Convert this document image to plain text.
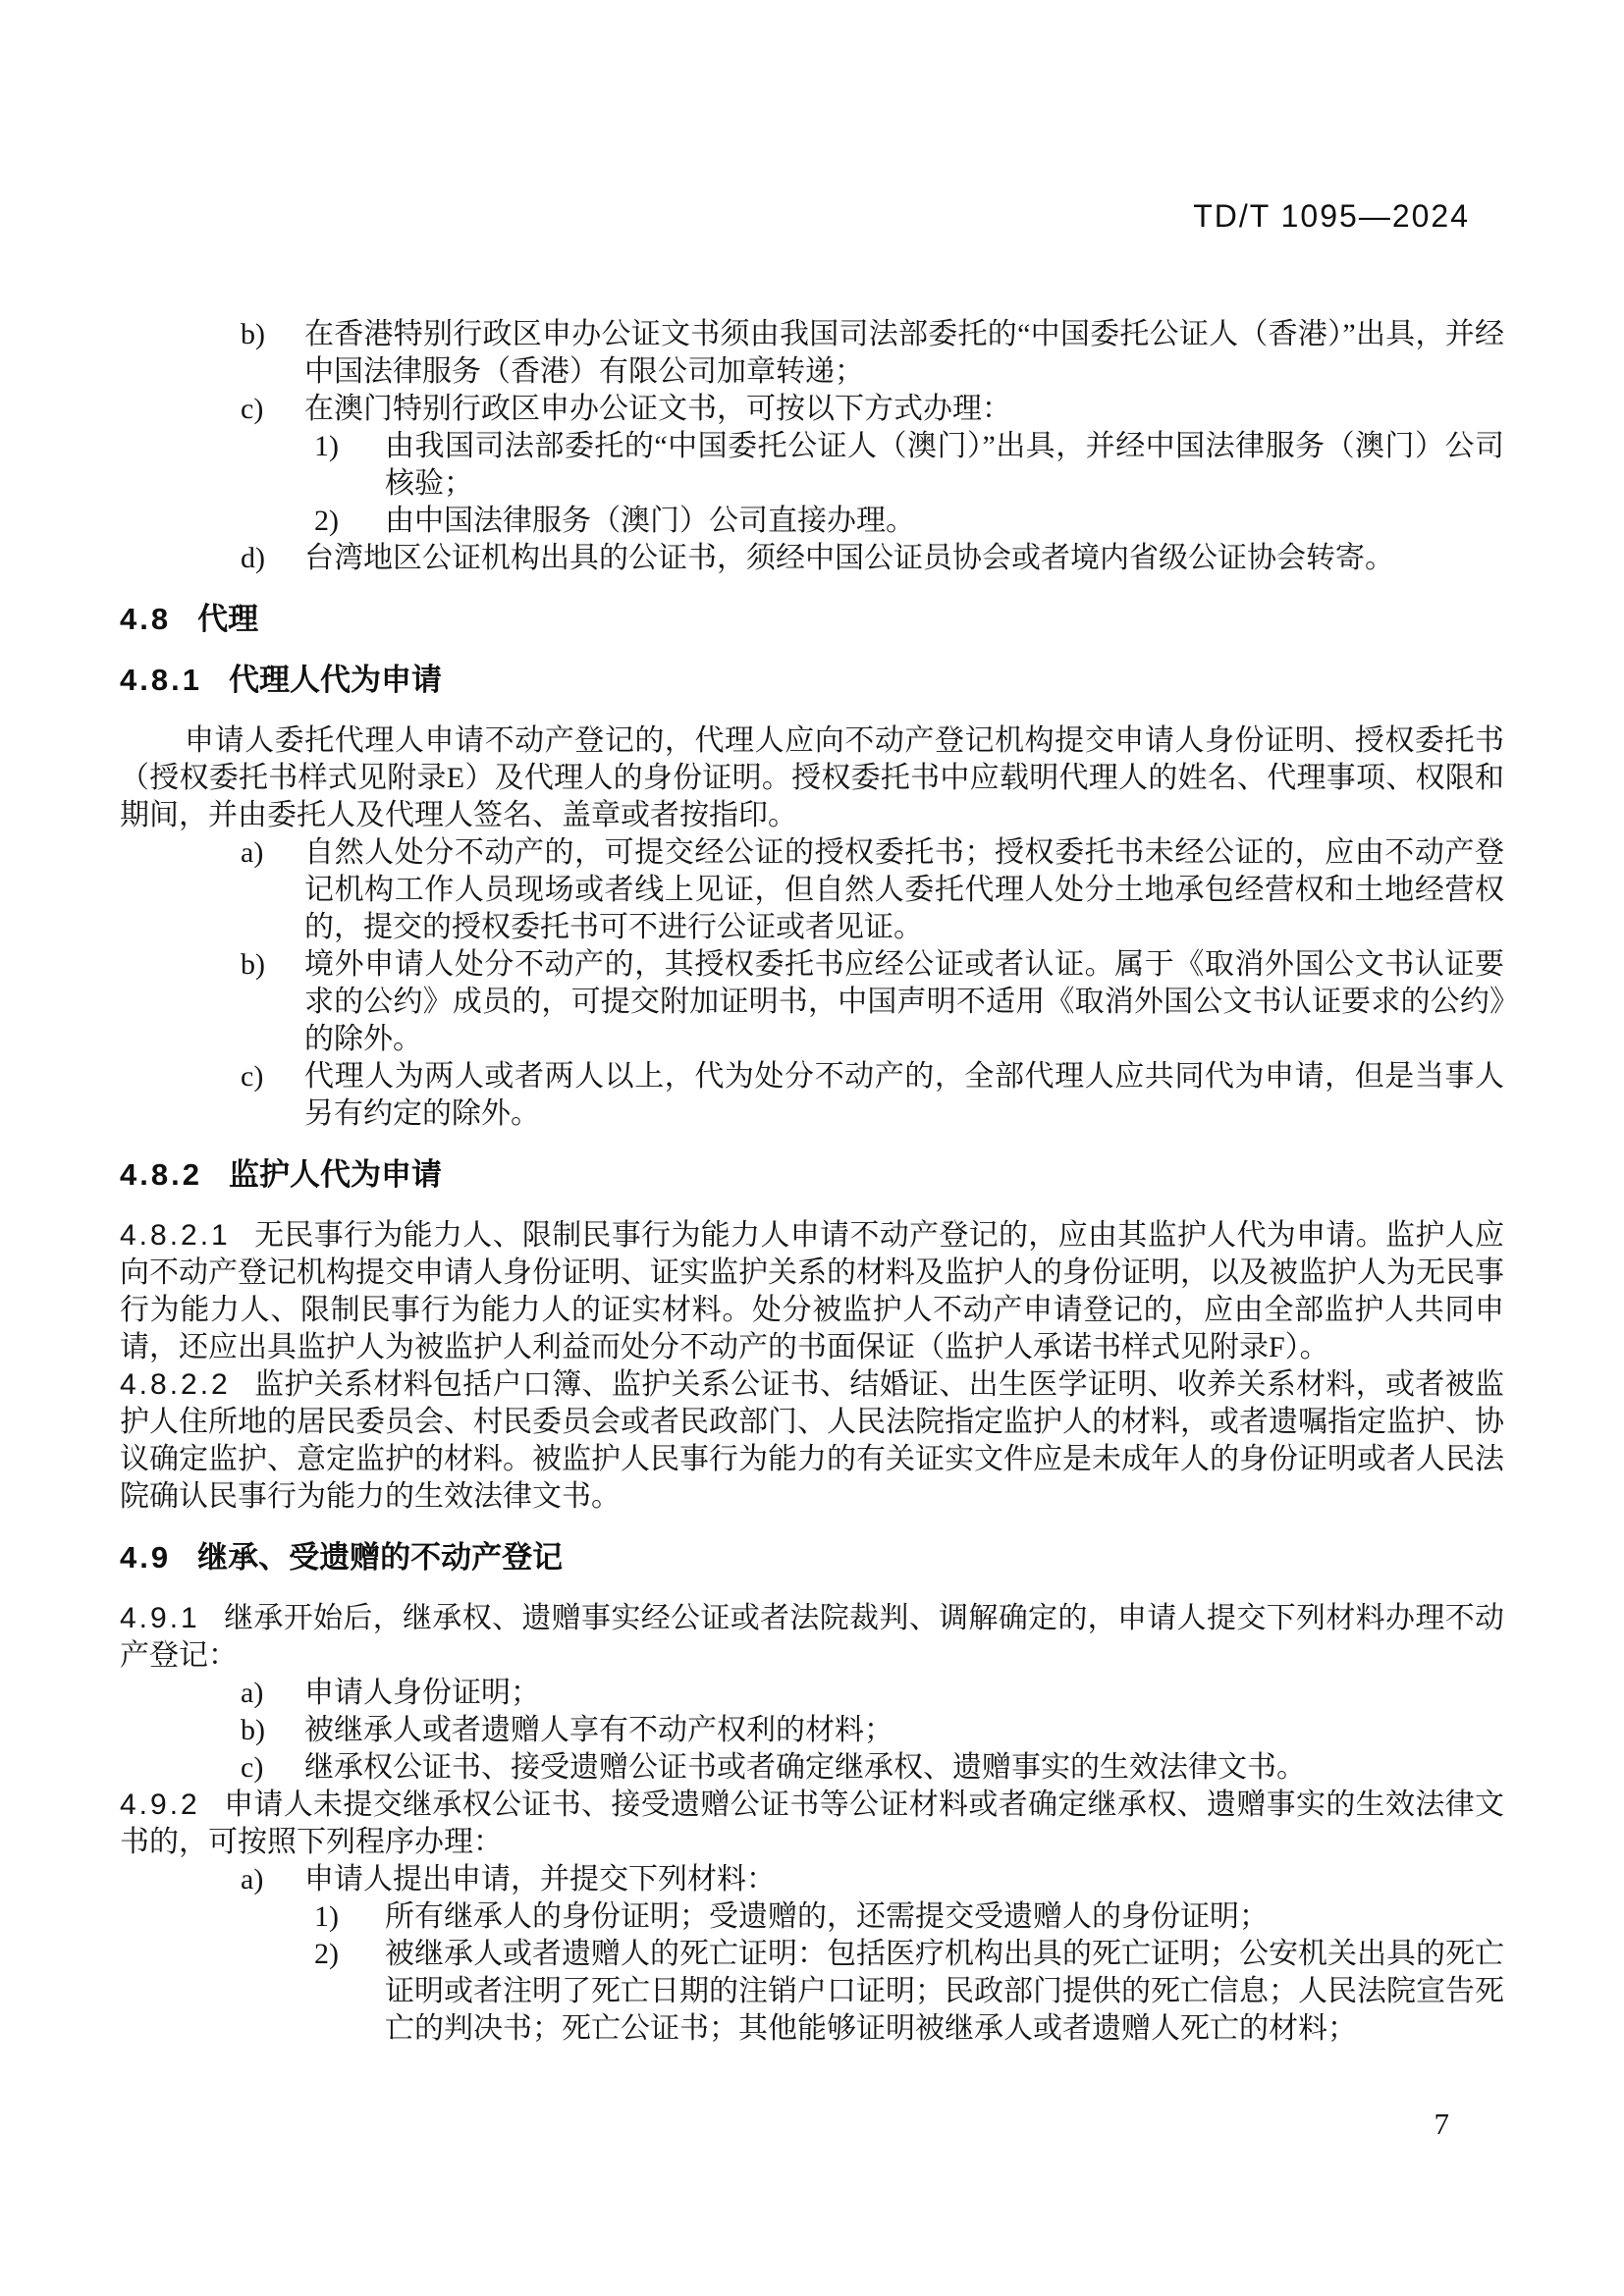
TD/T 1095—2024
b)	在香港特别行政区申办公证文书须由我国司法部委托的“中国委托公证人（香港）”出具，并经中国法律服务（香港）有限公司加章转递；
c)	在澳门特别行政区申办公证文书，可按以下方式办理：
1)	由我国司法部委托的“中国委托公证人（澳门）”出具，并经中国法律服务（澳门）公司核验；
2)	由中国法律服务（澳门）公司直接办理。
d)	台湾地区公证机构出具的公证书，须经中国公证员协会或者境内省级公证协会转寄。
4.8 代理
4.8.1 代理人代为申请

申请人委托代理人申请不动产登记的，代理人应向不动产登记机构提交申请人身份证明、授权委托书（授权委托书样式见附录E）及代理人的身份证明。授权委托书中应载明代理人的姓名、代理事项、权限和期间，并由委托人及代理人签名、盖章或者按指印。

a)	自然人处分不动产的，可提交经公证的授权委托书；授权委托书未经公证的，应由不动产登记机构工作人员现场或者线上见证，但自然人委托代理人处分土地承包经营权和土地经营权的，提交的授权委托书可不进行公证或者见证。
b)	境外申请人处分不动产的，其授权委托书应经公证或者认证。属于《取消外国公文书认证要求的公约》成员的，可提交附加证明书，中国声明不适用《取消外国公文书认证要求的公约》的除外。
c)	代理人为两人或者两人以上，代为处分不动产的，全部代理人应共同代为申请，但是当事人另有约定的除外。
4.8.2 监护人代为申请

4.8.2.1 无民事行为能力人、限制民事行为能力人申请不动产登记的，应由其监护人代为申请。监护人应向不动产登记机构提交申请人身份证明、证实监护关系的材料及监护人的身份证明，以及被监护人为无民事行为能力人、限制民事行为能力人的证实材料。处分被监护人不动产申请登记的，应由全部监护人共同申请，还应出具监护人为被监护人利益而处分不动产的书面保证（监护人承诺书样式见附录F）。

4.8.2.2 监护关系材料包括户口簿、监护关系公证书、结婚证、出生医学证明、收养关系材料，或者被监护人住所地的居民委员会、村民委员会或者民政部门、人民法院指定监护人的材料，或者遗嘱指定监护、协议确定监护、意定监护的材料。被监护人民事行为能力的有关证实文件应是未成年人的身份证明或者人民法院确认民事行为能力的生效法律文书。

4.9 继承、受遗赠的不动产登记

4.9.1 继承开始后，继承权、遗赠事实经公证或者法院裁判、调解确定的，申请人提交下列材料办理不动产登记：

a)	申请人身份证明；
b)	被继承人或者遗赠人享有不动产权利的材料；
c)	继承权公证书、接受遗赠公证书或者确定继承权、遗赠事实的生效法律文书。

4.9.2 申请人未提交继承权公证书、接受遗赠公证书等公证材料或者确定继承权、遗赠事实的生效法律文书的，可按照下列程序办理：

a)	申请人提出申请，并提交下列材料：
1)	所有继承人的身份证明；受遗赠的，还需提交受遗赠人的身份证明；
2)	被继承人或者遗赠人的死亡证明：包括医疗机构出具的死亡证明；公安机关出具的死亡证明或者注明了死亡日期的注销户口证明；民政部门提供的死亡信息；人民法院宣告死亡的判决书；死亡公证书；其他能够证明被继承人或者遗赠人死亡的材料；
7
